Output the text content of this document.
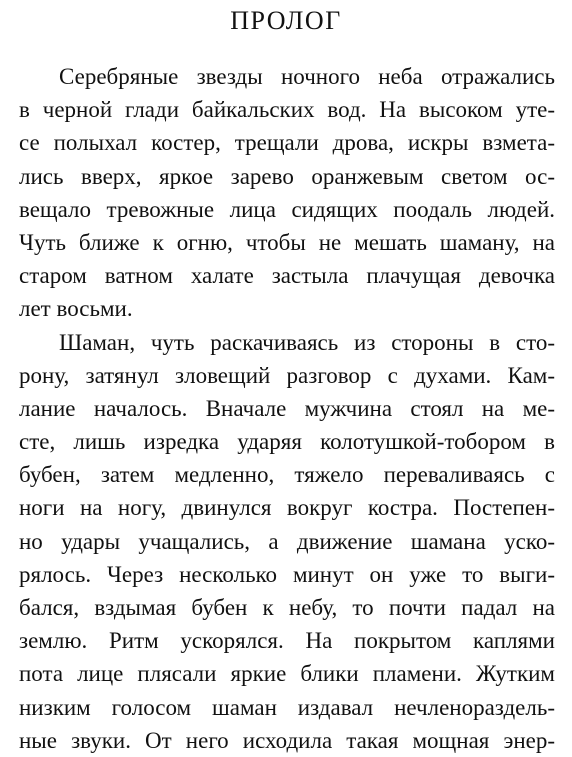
ПРОЛОГ
Серебряные звезды ночного неба отражались
в черной глади байкальских вод. На высоком уте-
се полыхал костер, трещали дрова, искры взмета-
лись вверх, яркое зарево оранжевым светом ос-
вещало тревожные лица сидящих поодаль людей.
Чуть ближе к огню, чтобы не мешать шаману, на
старом ватном халате застыла плачущая девочка
лет восьми.
Шаман, чуть раскачиваясь из стороны в сто-
рону, затянул зловещий разговор с духами. Кам-
лание началось. Вначале мужчина стоял на ме-
сте, лишь изредка ударяя колотушкой-тобором в
бубен, затем медленно, тяжело переваливаясь с
ноги на ногу, двинулся вокруг костра. Постепен-
но удары учащались, а движение шамана уско-
рялось. Через несколько минут он уже то выги-
бался, вздымая бубен к небу, то почти падал на
землю. Ритм ускорялся. На покрытом каплями
пота лице плясали яркие блики пламени. Жутким
низким голосом шаман издавал нечленораздель-
ные звуки. От него исходила такая мощная энер-
